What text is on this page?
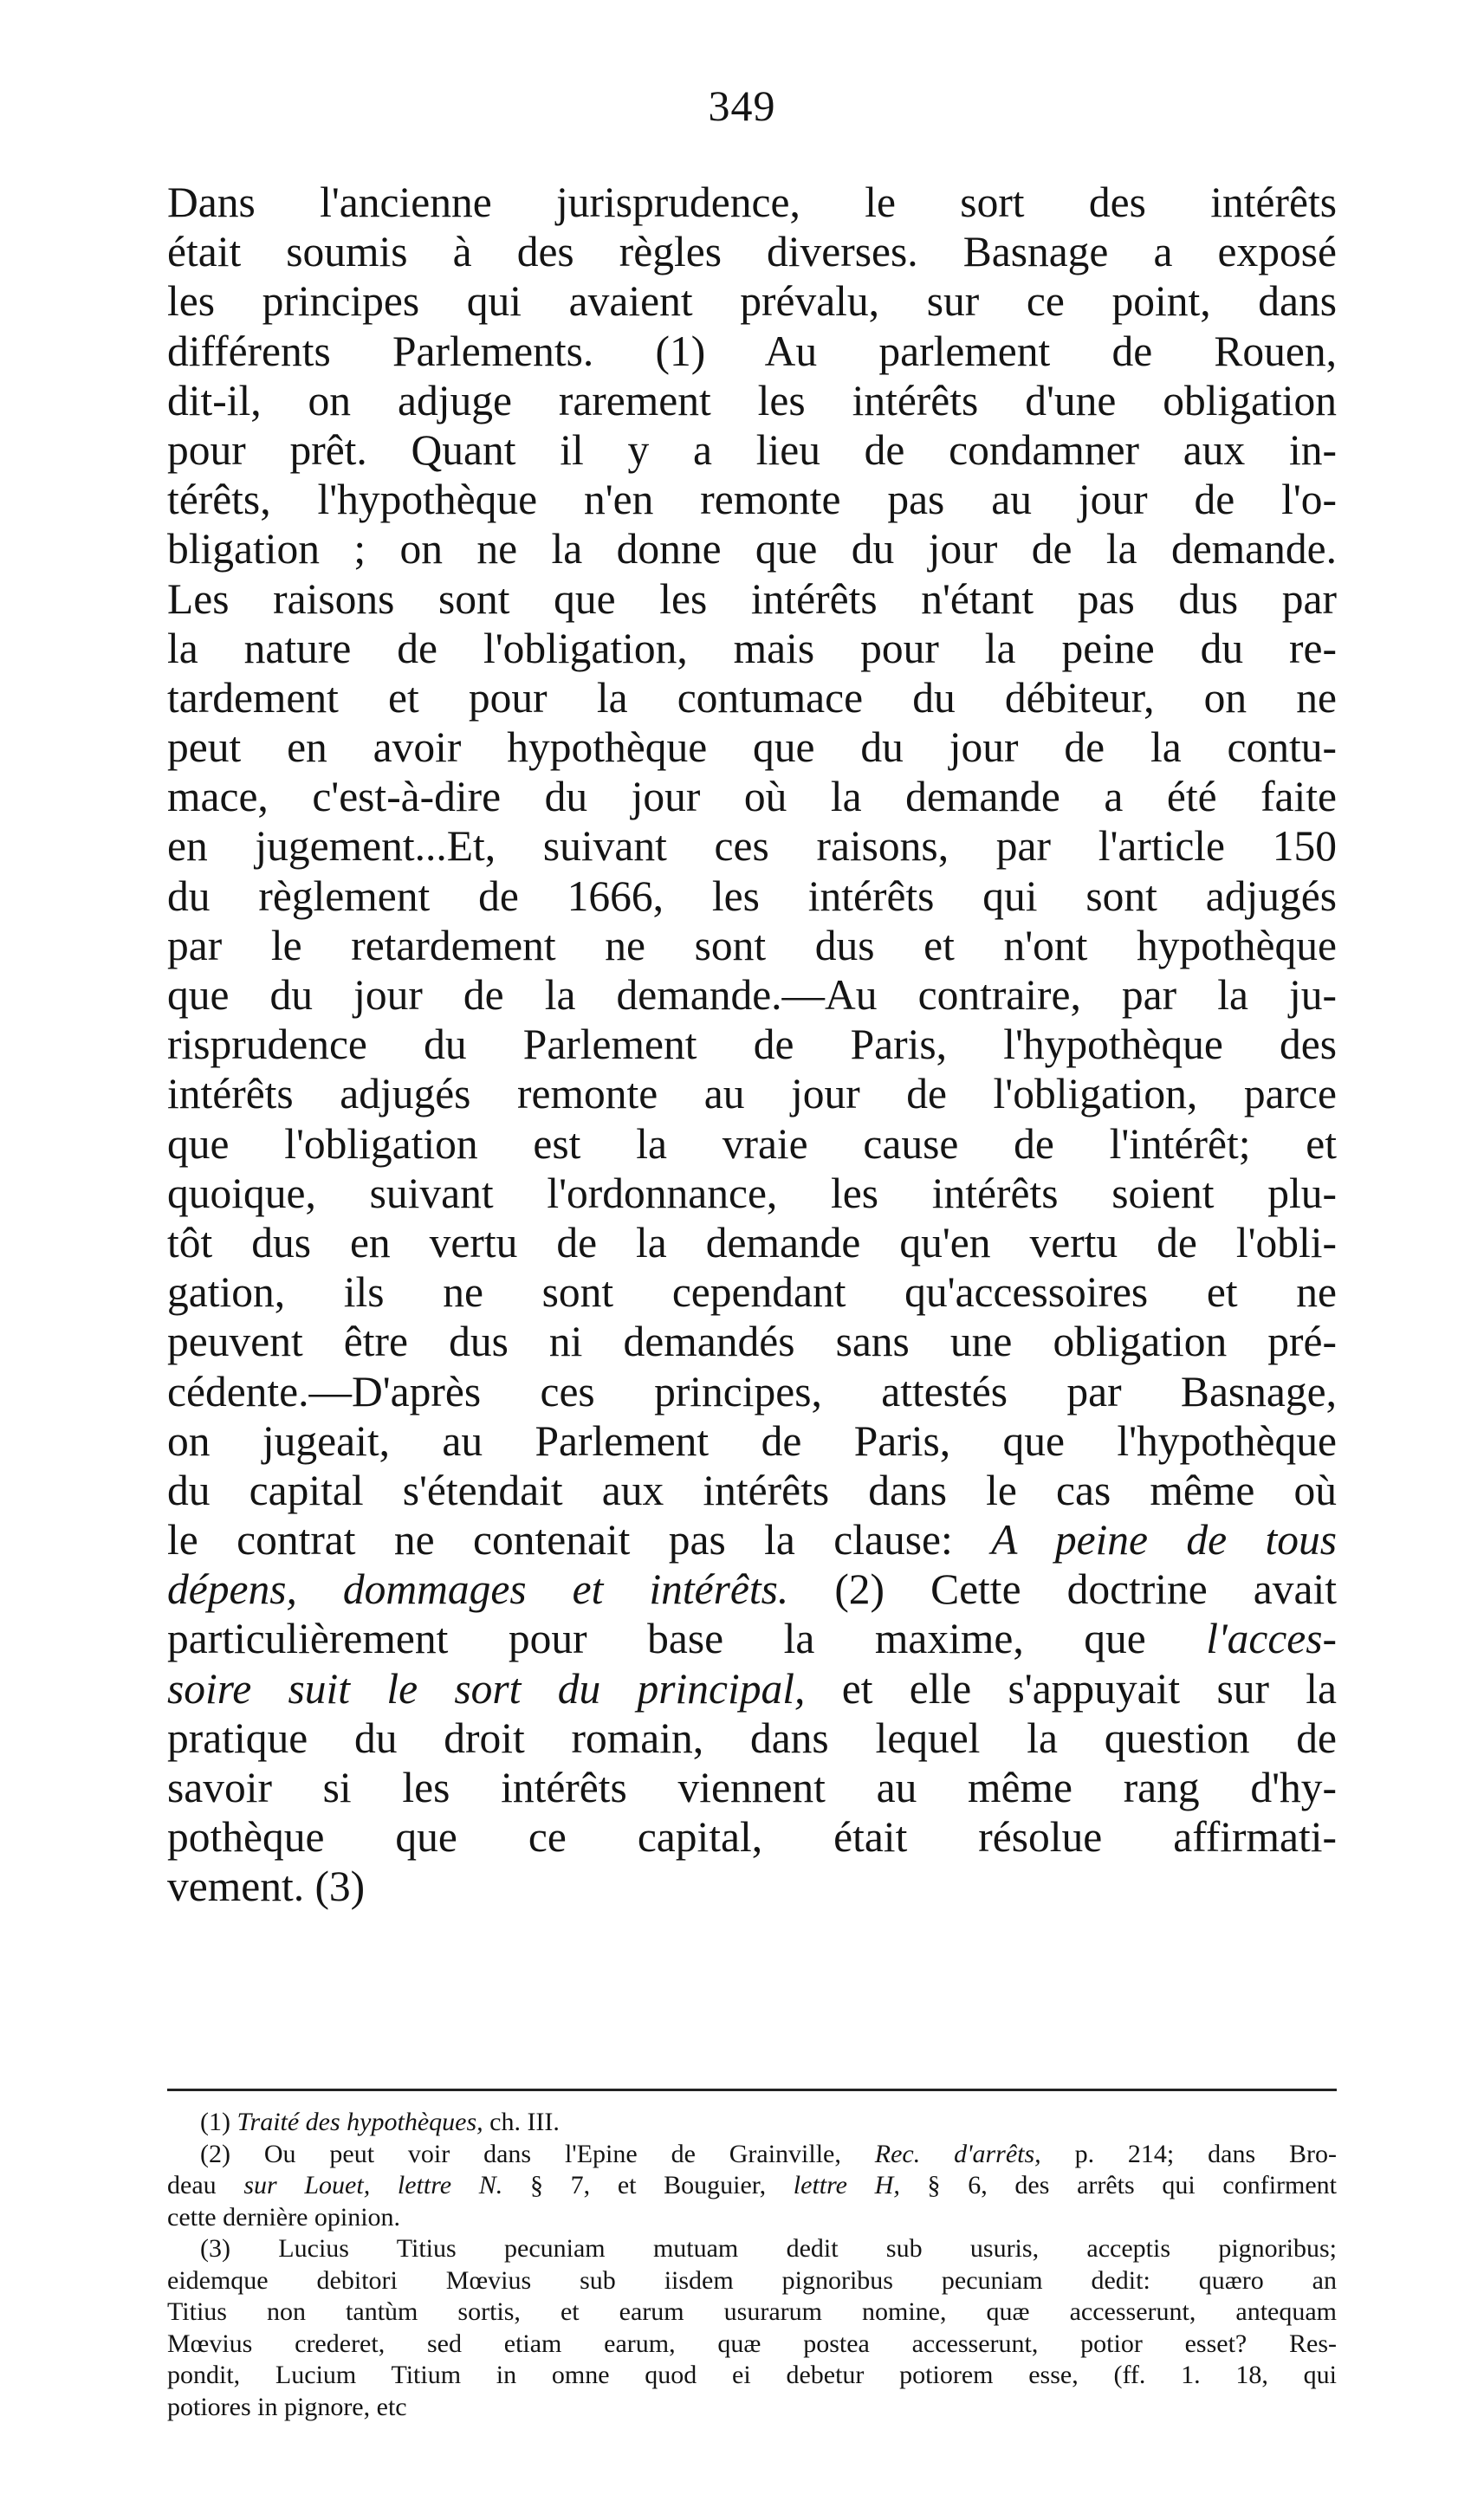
349
Dans l'ancienne jurisprudence, le sort des intérêts
était soumis à des règles diverses. Basnage a exposé
les principes qui avaient prévalu, sur ce point, dans
différents Parlements. (1) Au parlement de Rouen,
dit-il, on adjuge rarement les intérêts d'une obligation
pour prêt. Quant il y a lieu de condamner aux in-
térêts, l'hypothèque n'en remonte pas au jour de l'o-
bligation ; on ne la donne que du jour de la demande.
Les raisons sont que les intérêts n'étant pas dus par
la nature de l'obligation, mais pour la peine du re-
tardement et pour la contumace du débiteur, on ne
peut en avoir hypothèque que du jour de la contu-
mace, c'est-à-dire du jour où la demande a été faite
en jugement...Et, suivant ces raisons, par l'article 150
du règlement de 1666, les intérêts qui sont adjugés
par le retardement ne sont dus et n'ont hypothèque
que du jour de la demande.—Au contraire, par la ju-
risprudence du Parlement de Paris, l'hypothèque des
intérêts adjugés remonte au jour de l'obligation, parce
que l'obligation est la vraie cause de l'intérêt; et
quoique, suivant l'ordonnance, les intérêts soient plu-
tôt dus en vertu de la demande qu'en vertu de l'obli-
gation, ils ne sont cependant qu'accessoires et ne
peuvent être dus ni demandés sans une obligation pré-
cédente.—D'après ces principes, attestés par Basnage,
on jugeait, au Parlement de Paris, que l'hypothèque
du capital s'étendait aux intérêts dans le cas même où
le contrat ne contenait pas la clause: A peine de tous
dépens, dommages et intérêts. (2) Cette doctrine avait
particulièrement pour base la maxime, que l'acces-
soire suit le sort du principal, et elle s'appuyait sur la
pratique du droit romain, dans lequel la question de
savoir si les intérêts viennent au même rang d'hy-
pothèque que ce capital, était résolue affirmati-
vement. (3)
(1) Traité des hypothèques, ch. III.
(2) Ou peut voir dans l'Epine de Grainville, Rec. d'arrêts, p. 214; dans Bro-
deau sur Louet, lettre N. § 7, et Bouguier, lettre H, § 6, des arrêts qui confirment
cette dernière opinion.
(3) Lucius Titius pecuniam mutuam dedit sub usuris, acceptis pignoribus;
eidemque debitori Mœvius sub iisdem pignoribus pecuniam dedit: quæro an
Titius non tantùm sortis, et earum usurarum nomine, quæ accesserunt, antequam
Mœvius crederet, sed etiam earum, quæ postea accesserunt, potior esset? Res-
pondit, Lucium Titium in omne quod ei debetur potiorem esse, (ff. 1. 18, qui
potiores in pignore, etc
